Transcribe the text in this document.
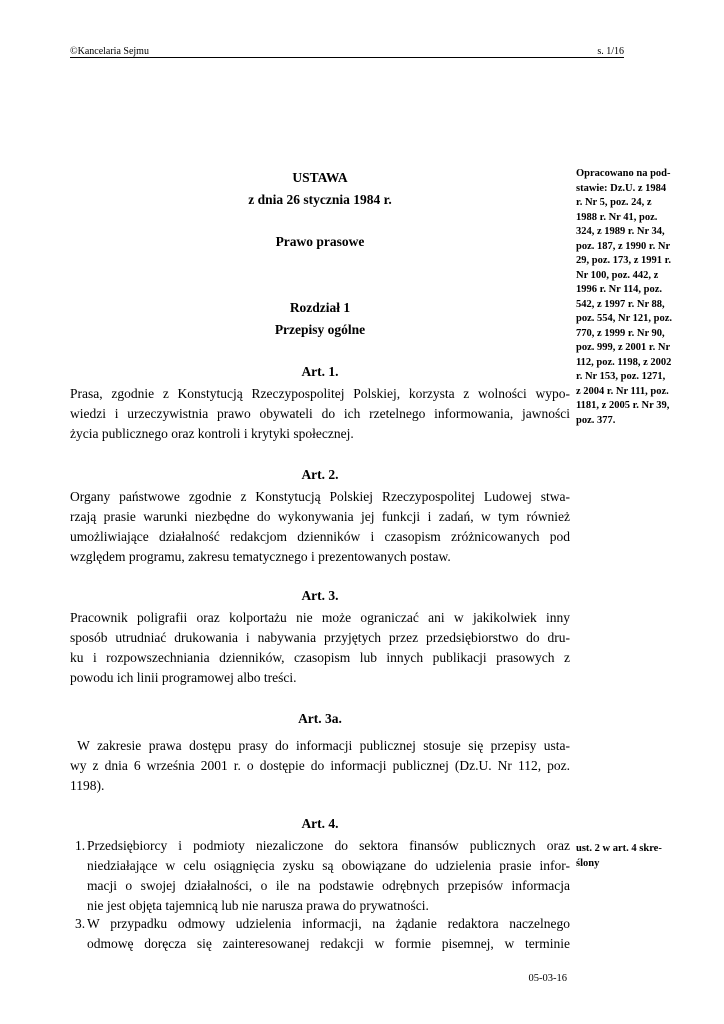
©Kancelaria Sejmu	s. 1/16
USTAWA
z dnia 26 stycznia 1984 r.
Prawo prasowe
Rozdział 1
Przepisy ogólne
Opracowano na pod-
stawie: Dz.U. z 1984
r. Nr 5, poz. 24, z
1988 r. Nr 41, poz.
324, z 1989 r. Nr 34,
poz. 187, z 1990 r. Nr
29, poz. 173, z 1991 r.
Nr 100, poz. 442, z
1996 r. Nr 114, poz.
542, z 1997 r. Nr 88,
poz. 554, Nr 121, poz.
770, z 1999 r. Nr 90,
poz. 999, z 2001 r. Nr
112, poz. 1198, z 2002
r. Nr 153, poz. 1271,
z 2004 r. Nr 111, poz.
1181, z 2005 r. Nr 39,
poz. 377.
Art. 1.
Prasa, zgodnie z Konstytucją Rzeczypospolitej Polskiej, korzysta z wolności wypo-
wiedzi i urzeczywistnia prawo obywateli do ich rzetelnego informowania, jawności
życia publicznego oraz kontroli i krytyki społecznej.
Art. 2.
Organy państwowe zgodnie z Konstytucją Polskiej Rzeczypospolitej Ludowej stwa-
rzają prasie warunki niezbędne do wykonywania jej funkcji i zadań, w tym również
umożliwiające działalność redakcjom dzienników i czasopism zróżnicowanych pod
względem programu, zakresu tematycznego i prezentowanych postaw.
Art. 3.
Pracownik poligrafii oraz kolportażu nie może ograniczać ani w jakikolwiek inny
sposób utrudniać drukowania i nabywania przyjętych przez przedsiębiorstwo do dru-
ku i rozpowszechniania dzienników, czasopism lub innych publikacji prasowych z
powodu ich linii programowej albo treści.
Art. 3a.
W zakresie prawa dostępu prasy do informacji publicznej stosuje się przepisy usta-
wy z dnia 6 września 2001 r. o dostępie do informacji publicznej (Dz.U. Nr 112, poz.
1198).
Art. 4.
1. Przedsiębiorcy i podmioty niezaliczone do sektora finansów publicznych oraz
niedziałające w celu osiągnięcia zysku są obowiązane do udzielenia prasie infor-
macji o swojej działalności, o ile na podstawie odrębnych przepisów informacja
nie jest objęta tajemnicą lub nie narusza prawa do prywatności.
ust. 2 w art. 4 skre-
ślony
3. W przypadku odmowy udzielenia informacji, na żądanie redaktora naczelnego
odmowę doręcza się zainteresowanej redakcji w formie pisemnej, w terminie
05-03-16
